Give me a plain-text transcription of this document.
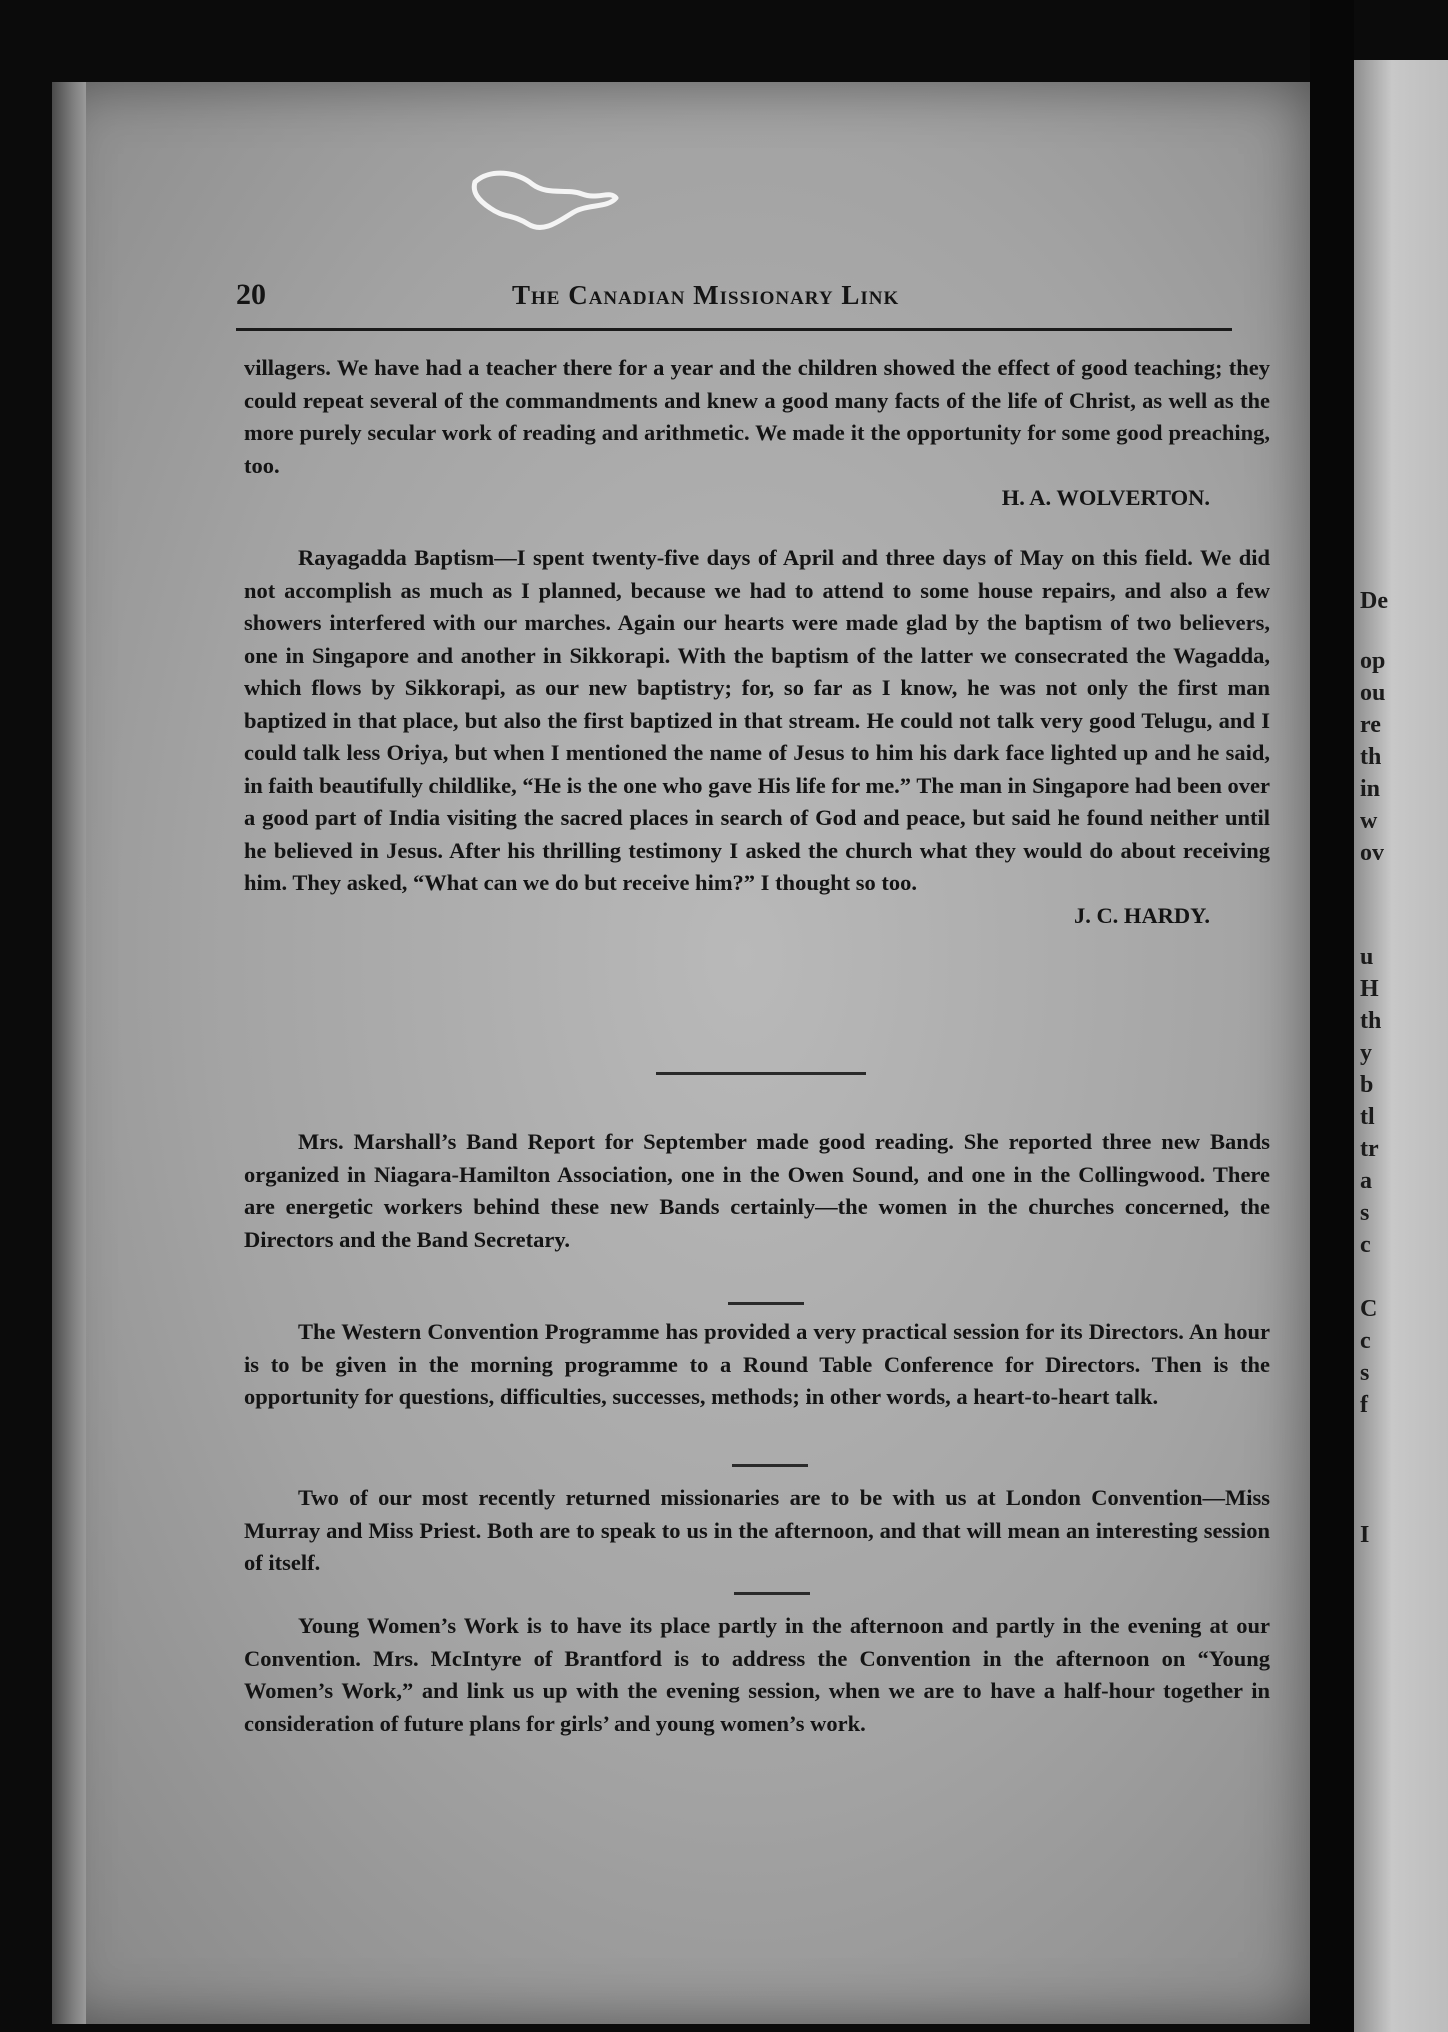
20	The Canadian Missionary Link

villagers. We have had a teacher there for a year and the children showed the effect of good teaching; they could repeat several of the commandments and knew a good many facts of the life of Christ, as well as the more purely secular work of reading and arithmetic. We made it the opportunity for some good preaching, too.

H. A. WOLVERTON.

Rayagadda Baptism—I spent twenty-five days of April and three days of May on this field. We did not accomplish as much as I planned, because we had to attend to some house repairs, and also a few showers interfered with our marches. Again our hearts were made glad by the baptism of two believers, one in Singapore and another in Sikkorapi. With the baptism of the latter we consecrated the Wagadda, which flows by Sikkorapi, as our new baptistry; for, so far as I know, he was not only the first man baptized in that place, but also the first baptized in that stream. He could not talk very good Telugu, and I could talk less Oriya, but when I mentioned the name of Jesus to him his dark face lighted up and he said, in faith beautifully childlike, “He is the one who gave His life for me.” The man in Singapore had been over a good part of India visiting the sacred places in search of God and peace, but said he found neither until he believed in Jesus. After his thrilling testimony I asked the church what they would do about receiving him. They asked, “What can we do but receive him?” I thought so too.

J. C. HARDY.

Mrs. Marshall’s Band Report for September made good reading. She reported three new Bands organized in Niagara-Hamilton Association, one in the Owen Sound, and one in the Collingwood. There are energetic workers behind these new Bands certainly—the women in the churches concerned, the Directors and the Band Secretary.

The Western Convention Programme has provided a very practical session for its Directors. An hour is to be given in the morning programme to a Round Table Conference for Directors. Then is the opportunity for questions, difficulties, successes, methods; in other words, a heart-to-heart talk.

Two of our most recently returned missionaries are to be with us at London Convention—Miss Murray and Miss Priest. Both are to speak to us in the afternoon, and that will mean an interesting session of itself.

Young Women’s Work is to have its place partly in the afternoon and partly in the evening at our Convention. Mrs. McIntyre of Brantford is to address the Convention in the afternoon on “Young Women’s Work,” and link us up with the evening session, when we are to have a half-hour together in consideration of future plans for girls’ and young women’s work.

De
op
ou
re
th
in
w
ov
u
H
th
y
b
tl
tr
a
s
c
C
c
s
f
I
